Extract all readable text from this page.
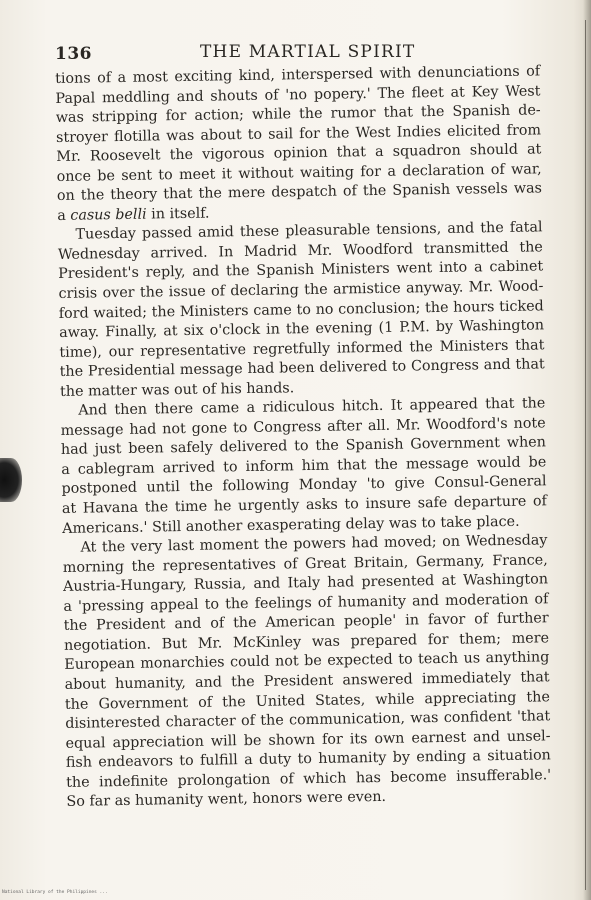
136	THE MARTIAL SPIRIT
tions of a most exciting kind, interspersed with denunciations of
Papal meddling and shouts of 'no popery.' The fleet at Key West
was stripping for action; while the rumor that the Spanish de-
stroyer flotilla was about to sail for the West Indies elicited from
Mr. Roosevelt the vigorous opinion that a squadron should at
once be sent to meet it without waiting for a declaration of war,
on the theory that the mere despatch of the Spanish vessels was
a casus belli in itself.
Tuesday passed amid these pleasurable tensions, and the fatal
Wednesday arrived. In Madrid Mr. Woodford transmitted the
President's reply, and the Spanish Ministers went into a cabinet
crisis over the issue of declaring the armistice anyway. Mr. Wood-
ford waited; the Ministers came to no conclusion; the hours ticked
away. Finally, at six o'clock in the evening (1 P.M. by Washington
time), our representative regretfully informed the Ministers that
the Presidential message had been delivered to Congress and that
the matter was out of his hands.
And then there came a ridiculous hitch. It appeared that the
message had not gone to Congress after all. Mr. Woodford's note
had just been safely delivered to the Spanish Government when
a cablegram arrived to inform him that the message would be
postponed until the following Monday 'to give Consul-General
at Havana the time he urgently asks to insure safe departure of
Americans.' Still another exasperating delay was to take place.
At the very last moment the powers had moved; on Wednesday
morning the representatives of Great Britain, Germany, France,
Austria-Hungary, Russia, and Italy had presented at Washington
a 'pressing appeal to the feelings of humanity and moderation of
the President and of the American people' in favor of further
negotiation. But Mr. McKinley was prepared for them; mere
European monarchies could not be expected to teach us anything
about humanity, and the President answered immediately that
the Government of the United States, while appreciating the
disinterested character of the communication, was confident 'that
equal appreciation will be shown for its own earnest and unsel-
fish endeavors to fulfill a duty to humanity by ending a situation
the indefinite prolongation of which has become insufferable.'
So far as humanity went, honors were even.
National Library of the Philippines ...
